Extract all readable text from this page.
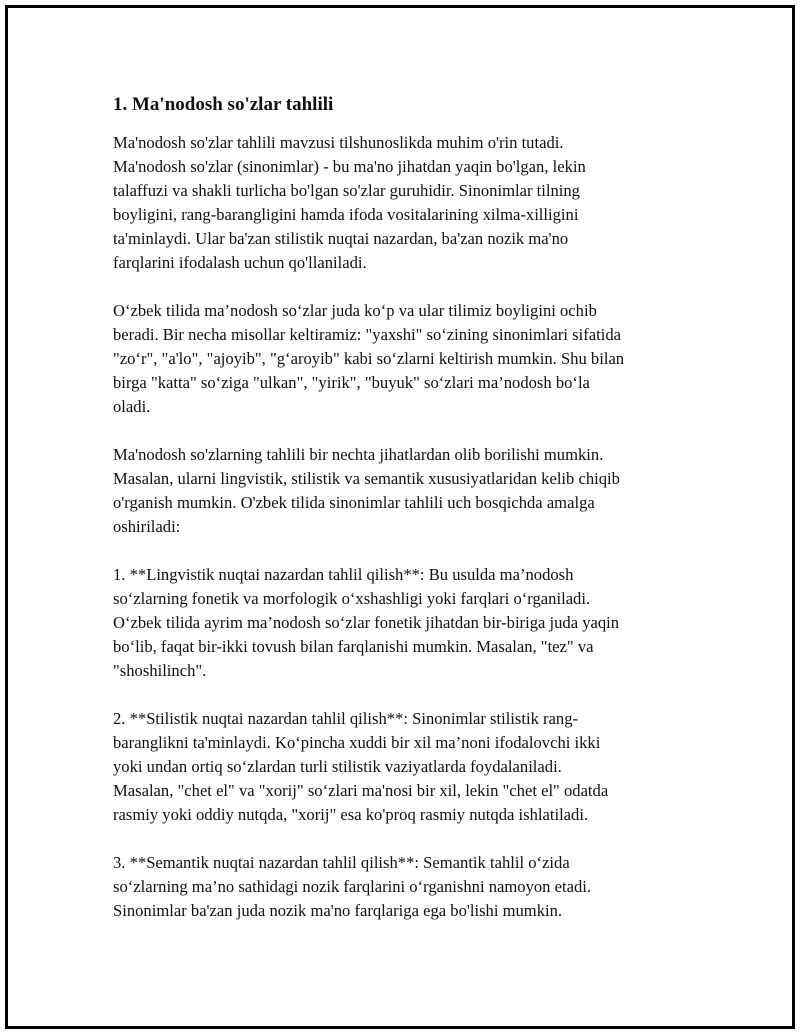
1. Ma'nodosh so'zlar tahlili
Ma'nodosh so'zlar tahlili mavzusi tilshunoslikda muhim o'rin tutadi.
Ma'nodosh so'zlar (sinonimlar) - bu ma'no jihatdan yaqin bo'lgan, lekin
talaffuzi va shakli turlicha bo'lgan so'zlar guruhidir. Sinonimlar tilning
boyligini, rang-barangligini hamda ifoda vositalarining xilma-xilligini
ta'minlaydi. Ular ba'zan stilistik nuqtai nazardan, ba'zan nozik ma'no
farqlarini ifodalash uchun qo'llaniladi.
O‘zbek tilida ma’nodosh so‘zlar juda ko‘p va ular tilimiz boyligini ochib
beradi. Bir necha misollar keltiramiz: "yaxshi" so‘zining sinonimlari sifatida
"zo‘r", "a'lo", "ajoyib", "g‘aroyib" kabi so‘zlarni keltirish mumkin. Shu bilan
birga "katta" so‘ziga "ulkan", "yirik", "buyuk" so‘zlari ma’nodosh bo‘la
oladi.
Ma'nodosh so'zlarning tahlili bir nechta jihatlardan olib borilishi mumkin.
Masalan, ularni lingvistik, stilistik va semantik xususiyatlaridan kelib chiqib
o'rganish mumkin. O'zbek tilida sinonimlar tahlili uch bosqichda amalga
oshiriladi:
1. **Lingvistik nuqtai nazardan tahlil qilish**: Bu usulda ma’nodosh
so‘zlarning fonetik va morfologik o‘xshashligi yoki farqlari o‘rganiladi.
O‘zbek tilida ayrim ma’nodosh so‘zlar fonetik jihatdan bir-biriga juda yaqin
bo‘lib, faqat bir-ikki tovush bilan farqlanishi mumkin. Masalan, "tez" va
"shoshilinch".
2. **Stilistik nuqtai nazardan tahlil qilish**: Sinonimlar stilistik rang-
baranglikni ta'minlaydi. Ko‘pincha xuddi bir xil ma’noni ifodalovchi ikki
yoki undan ortiq so‘zlardan turli stilistik vaziyatlarda foydalaniladi.
Masalan, "chet el" va "xorij" so‘zlari ma'nosi bir xil, lekin "chet el" odatda
rasmiy yoki oddiy nutqda, "xorij" esa ko'proq rasmiy nutqda ishlatiladi.
3. **Semantik nuqtai nazardan tahlil qilish**: Semantik tahlil o‘zida
so‘zlarning ma’no sathidagi nozik farqlarini o‘rganishni namoyon etadi.
Sinonimlar ba'zan juda nozik ma'no farqlariga ega bo'lishi mumkin.
